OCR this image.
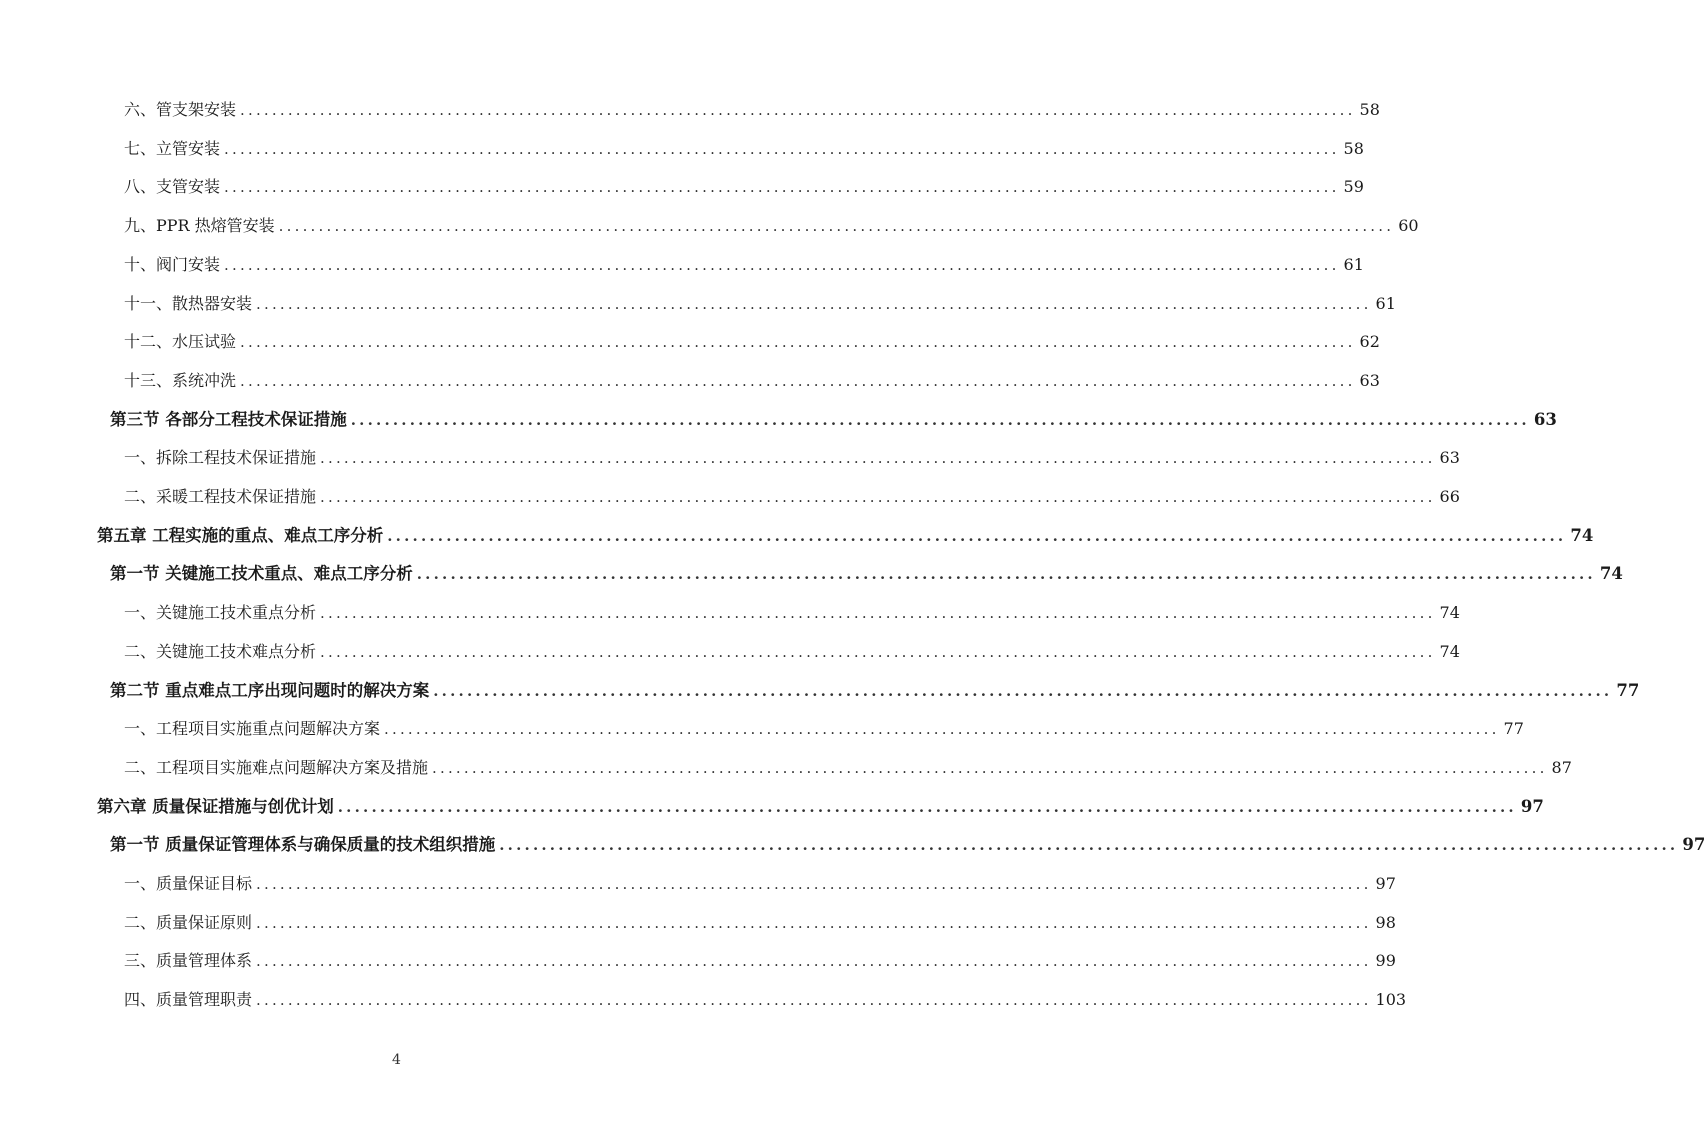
六、管支架安装 ............................................................................................................................................ 58
七、立管安装 ............................................................................................................................................ 58
八、支管安装 ............................................................................................................................................ 59
九、PPR 热熔管安装 ............................................................................................................................................ 60
十、阀门安装 ............................................................................................................................................ 61
十一、散热器安装 ............................................................................................................................................ 61
十二、水压试验 ............................................................................................................................................ 62
十三、系统冲洗 ............................................................................................................................................ 63
第三节 各部分工程技术保证措施 ............................................................................................................................................ 63
一、拆除工程技术保证措施 ............................................................................................................................................ 63
二、采暖工程技术保证措施 ............................................................................................................................................ 66
第五章 工程实施的重点、难点工序分析 ............................................................................................................................................ 74
第一节 关键施工技术重点、难点工序分析 ............................................................................................................................................ 74
一、关键施工技术重点分析 ............................................................................................................................................ 74
二、关键施工技术难点分析 ............................................................................................................................................ 74
第二节 重点难点工序出现问题时的解决方案 ............................................................................................................................................ 77
一、工程项目实施重点问题解决方案 ............................................................................................................................................ 77
二、工程项目实施难点问题解决方案及措施 ............................................................................................................................................ 87
第六章 质量保证措施与创优计划 ............................................................................................................................................ 97
第一节 质量保证管理体系与确保质量的技术组织措施 ............................................................................................................................................ 97
一、质量保证目标 ............................................................................................................................................ 97
二、质量保证原则 ............................................................................................................................................ 98
三、质量管理体系 ............................................................................................................................................ 99
四、质量管理职责 ............................................................................................................................................ 103
4
